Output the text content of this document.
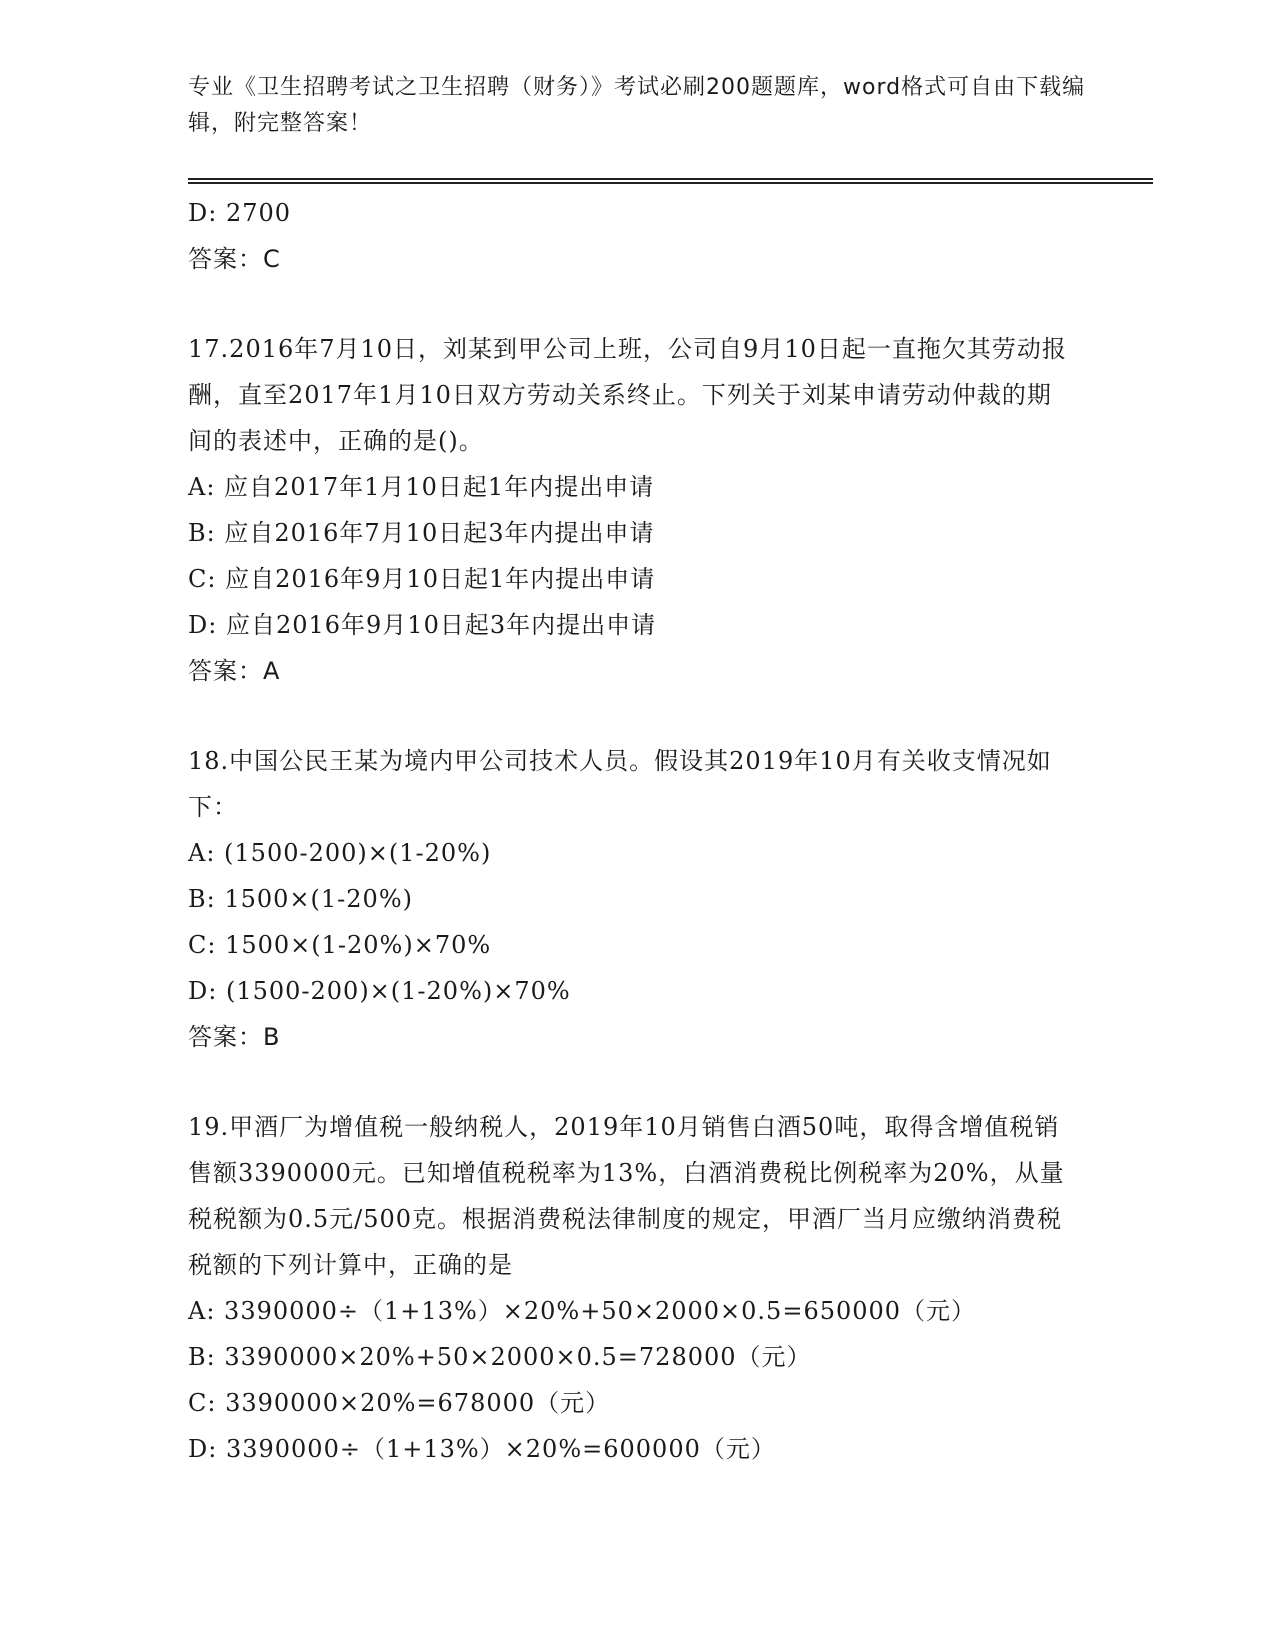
专业《卫生招聘考试之卫生招聘（财务）》考试必刷200题题库，word格式可自由下载编辑，附完整答案！
D: 2700
答案：C
17.2016年7月10日，刘某到甲公司上班，公司自9月10日起一直拖欠其劳动报酬，直至2017年1月10日双方劳动关系终止。下列关于刘某申请劳动仲裁的期间的表述中，正确的是()。
A: 应自2017年1月10日起1年内提出申请
B: 应自2016年7月10日起3年内提出申请
C: 应自2016年9月10日起1年内提出申请
D: 应自2016年9月10日起3年内提出申请
答案：A
18.中国公民王某为境内甲公司技术人员。假设其2019年10月有关收支情况如下：
A: (1500-200)×(1-20%)
B: 1500×(1-20%)
C: 1500×(1-20%)×70%
D: (1500-200)×(1-20%)×70%
答案：B
19.甲酒厂为增值税一般纳税人，2019年10月销售白酒50吨，取得含增值税销售额3390000元。已知增值税税率为13%，白酒消费税比例税率为20%，从量税税额为0.5元/500克。根据消费税法律制度的规定，甲酒厂当月应缴纳消费税税额的下列计算中，正确的是
A: 3390000÷（1+13%）×20%+50×2000×0.5=650000（元）
B: 3390000×20%+50×2000×0.5=728000（元）
C: 3390000×20%=678000（元）
D: 3390000÷（1+13%）×20%=600000（元）
